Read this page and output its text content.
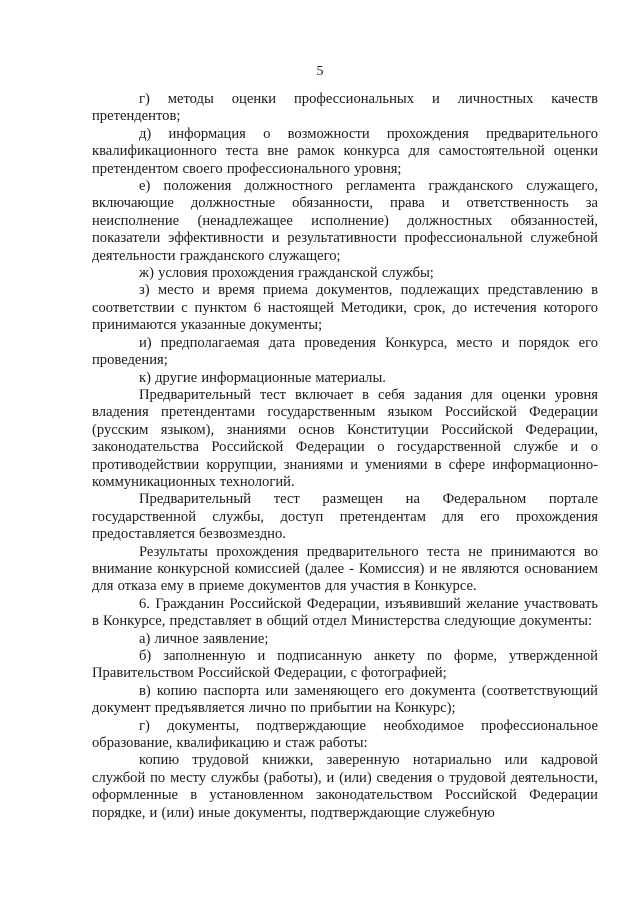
5

г) методы оценки профессиональных и личностных качеств претендентов;

д) информация о возможности прохождения предварительного квалификационного теста вне рамок конкурса для самостоятельной оценки претендентом своего профессионального уровня;

е) положения должностного регламента гражданского служащего, включающие должностные обязанности, права и ответственность за неисполнение (ненадлежащее исполнение) должностных обязанностей, показатели эффективности и результативности профессиональной служебной деятельности гражданского служащего;

ж) условия прохождения гражданской службы;

з) место и время приема документов, подлежащих представлению в соответствии с пунктом 6 настоящей Методики, срок, до истечения которого принимаются указанные документы;

и) предполагаемая дата проведения Конкурса, место и порядок его проведения;

к) другие информационные материалы.

Предварительный тест включает в себя задания для оценки уровня владения претендентами государственным языком Российской Федерации (русским языком), знаниями основ Конституции Российской Федерации, законодательства Российской Федерации о государственной службе и о противодействии коррупции, знаниями и умениями в сфере информационно-коммуникационных технологий.

Предварительный тест размещен на Федеральном портале государственной службы, доступ претендентам для его прохождения предоставляется безвозмездно.

Результаты прохождения предварительного теста не принимаются во внимание конкурсной комиссией (далее - Комиссия) и не являются основанием для отказа ему в приеме документов для участия в Конкурсе.

6. Гражданин Российской Федерации, изъявивший желание участвовать в Конкурсе, представляет в общий отдел Министерства следующие документы:

а) личное заявление;

б) заполненную и подписанную анкету по форме, утвержденной Правительством Российской Федерации, с фотографией;

в) копию паспорта или заменяющего его документа (соответствующий документ предъявляется лично по прибытии на Конкурс);

г) документы, подтверждающие необходимое профессиональное образование, квалификацию и стаж работы:

копию трудовой книжки, заверенную нотариально или кадровой службой по месту службы (работы), и (или) сведения о трудовой деятельности, оформленные в установленном законодательством Российской Федерации порядке, и (или) иные документы, подтверждающие служебную
